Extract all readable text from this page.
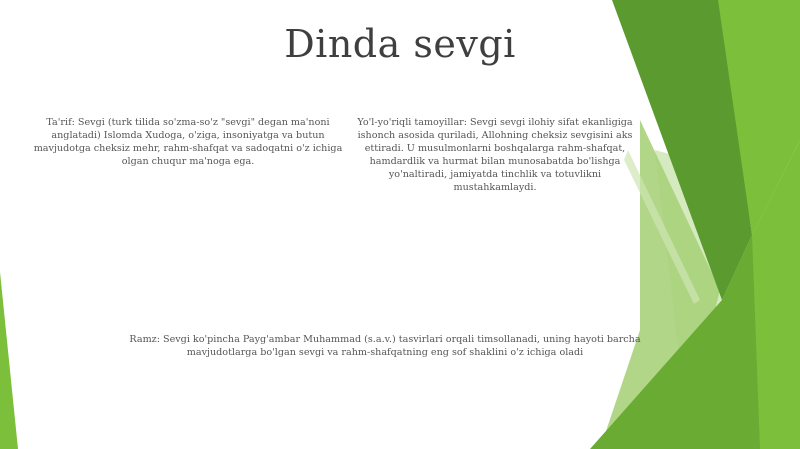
Dinda sevgi
Ta'rif: Sevgi (turk tilida so'zma-so'z "sevgi" degan ma'noni anglatadi) Islomda Xudoga, o'ziga, insoniyatga va butun mavjudotga cheksiz mehr, rahm-shafqat va sadoqatni o'z ichiga olgan chuqur ma'noga ega.
Yo'l-yo'riqli tamoyillar: Sevgi sevgi ilohiy sifat ekanligiga ishonch asosida quriladi, Allohning cheksiz sevgisini aks ettiradi. U musulmonlarni boshqalarga rahm-shafqat, hamdardlik va hurmat bilan munosabatda bo'lishga yo'naltiradi, jamiyatda tinchlik va totuvlikni mustahkamlaydi.
Ramz: Sevgi ko'pincha Payg'ambar Muhammad (s.a.v.) tasvirlari orqali timsollanadi, uning hayoti barcha mavjudotlarga bo'lgan sevgi va rahm-shafqatning eng sof shaklini o'z ichiga oladi
